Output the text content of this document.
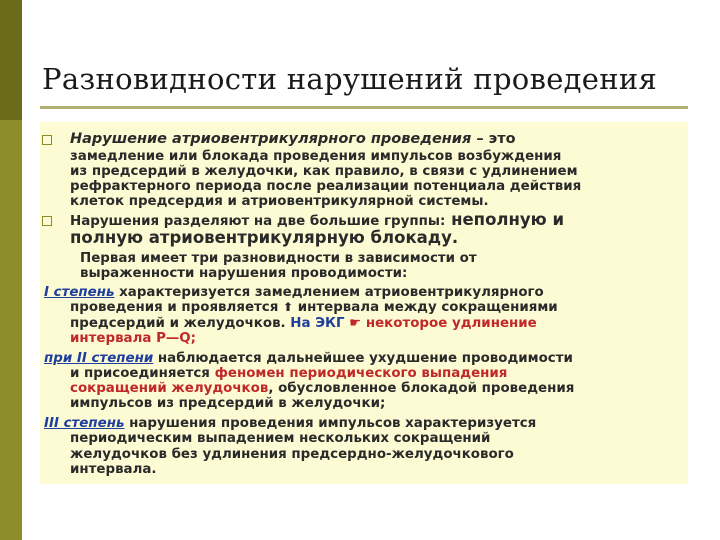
Разновидности нарушений проведения
Нарушение атриовентрикулярного проведения – это
замедление или блокада проведения импульсов возбуждения
из предсердий в желудочки, как правило, в связи с удлинением
рефрактерного периода после реализации потенциала действия
клеток предсердия и атриовентрикулярной системы.
Нарушения разделяют на две большие группы: неполную и
полную атриовентрикулярную блокаду.
Первая имеет три разновидности в зависимости от
выраженности нарушения проводимости:
I степень характеризуется замедлением атриовентрикулярного
проведения и проявляется ⬆ интервала между сокращениями
предсердий и желудочков. На ЭКГ ☛ некоторое удлинение
интервала P—Q;
при II степени наблюдается дальнейшее ухудшение проводимости
и присоединяется феномен периодического выпадения
сокращений желудочков, обусловленное блокадой проведения
импульсов из предсердий в желудочки;
III степень нарушения проведения импульсов характеризуется
периодическим выпадением нескольких сокращений
желудочков без удлинения предсердно-желудочкового
интервала.
